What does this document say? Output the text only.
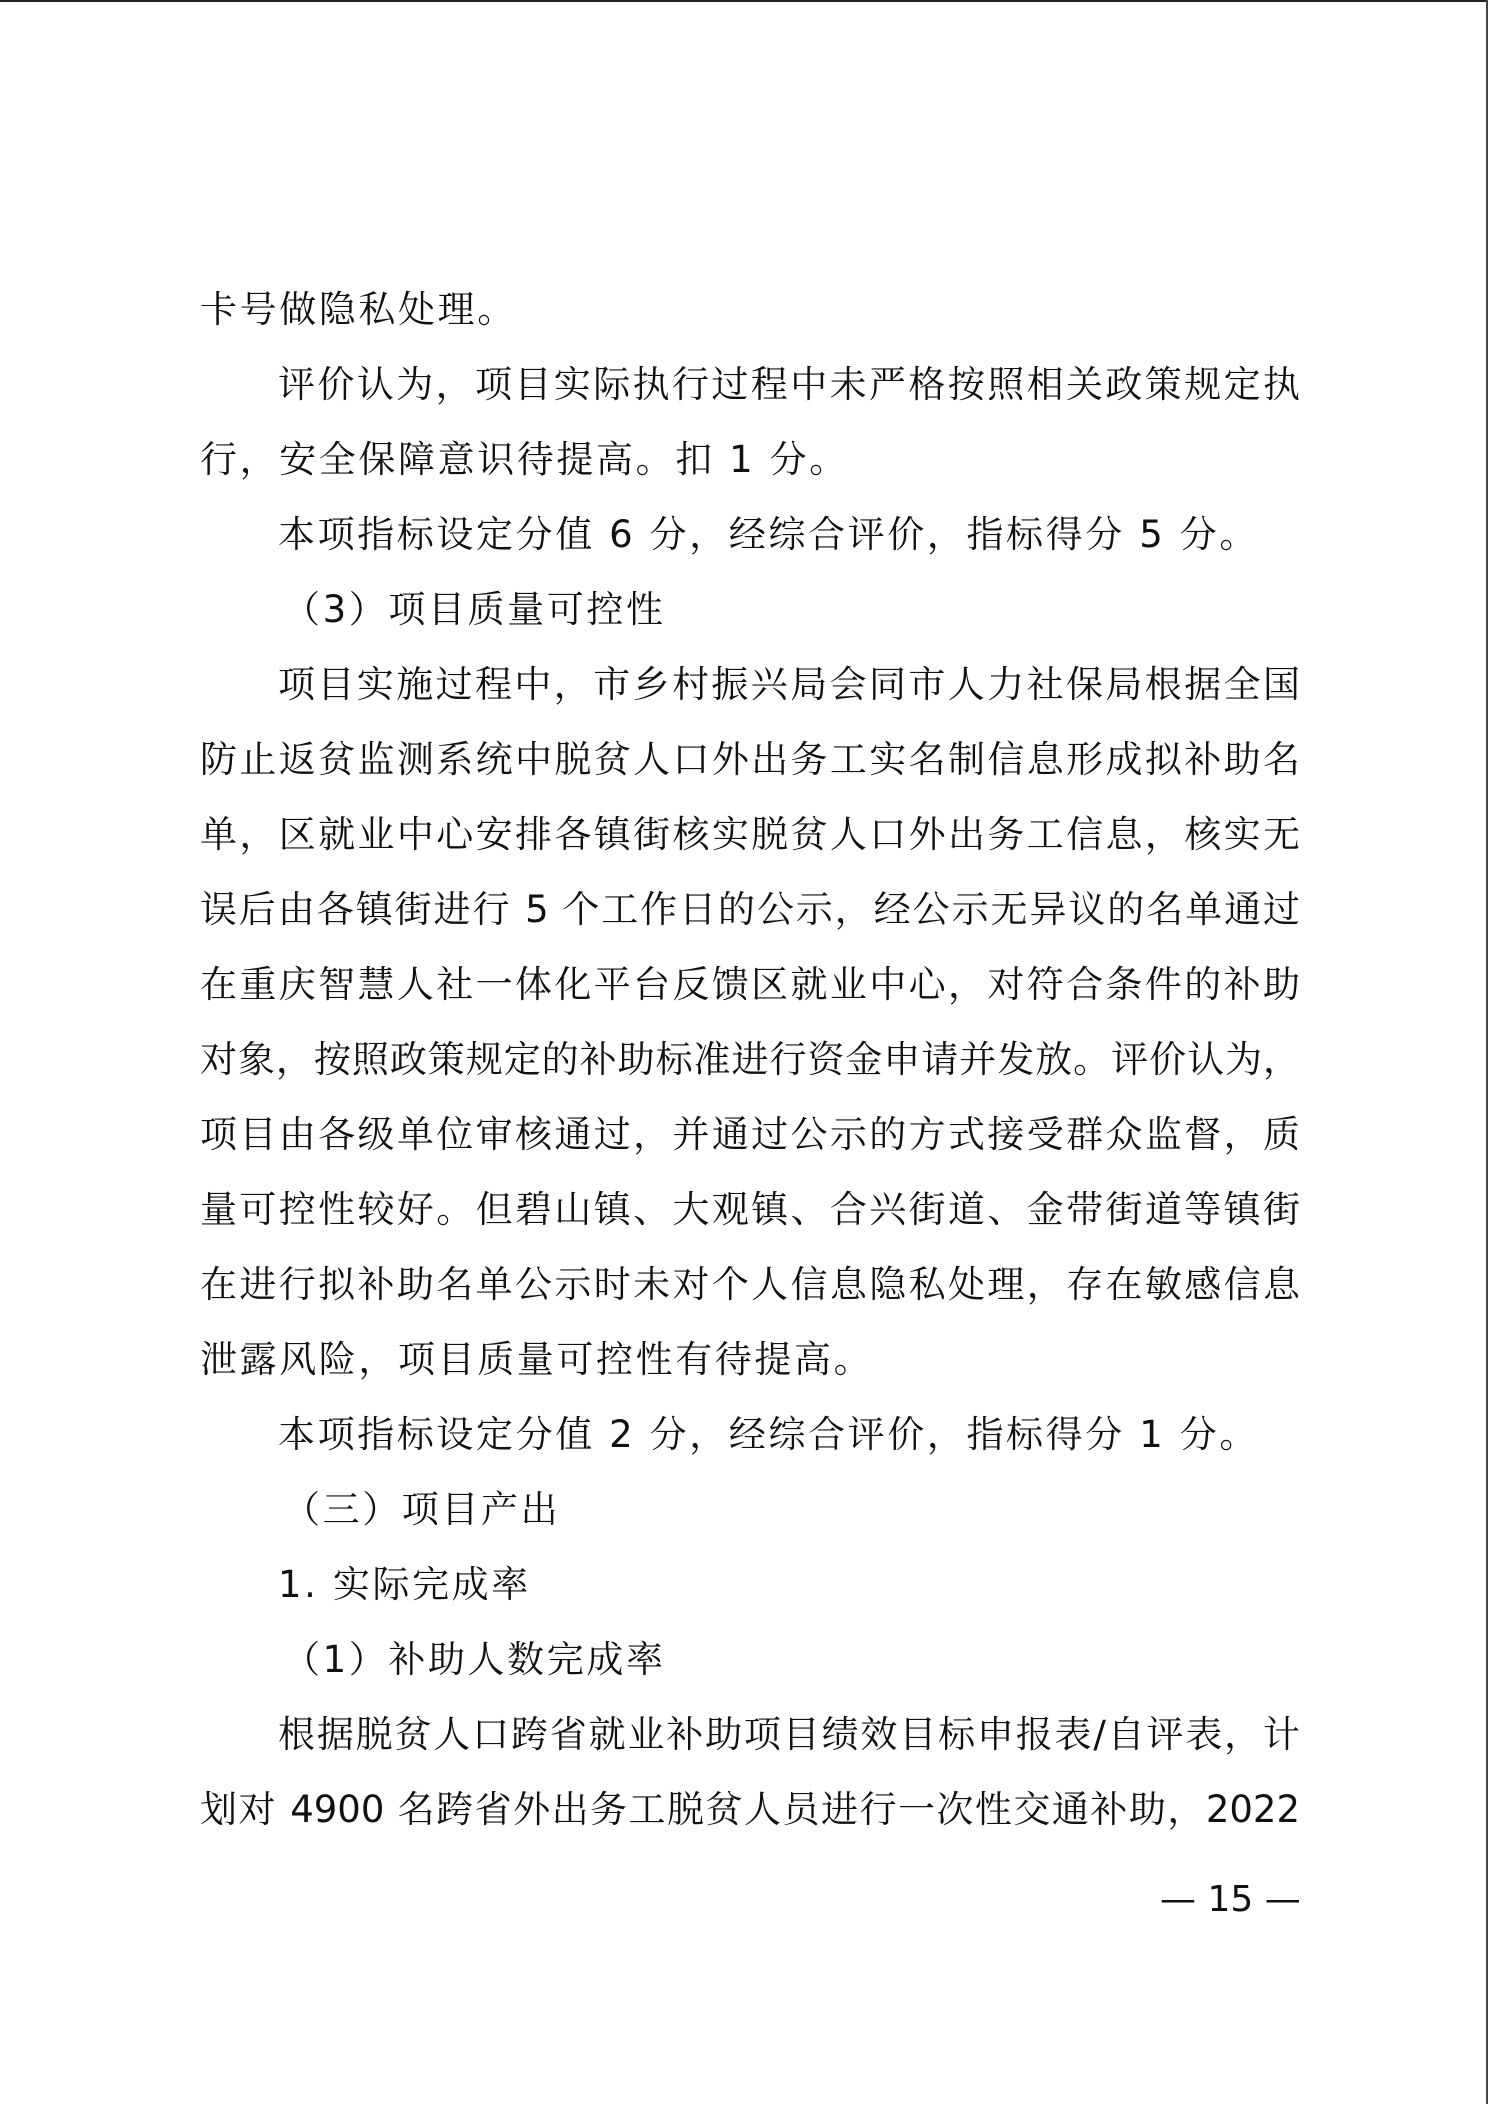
卡号做隐私处理。
评价认为，项目实际执行过程中未严格按照相关政策规定执
行，安全保障意识待提高。扣 1 分。
本项指标设定分值 6 分，经综合评价，指标得分 5 分。
（3）项目质量可控性
项目实施过程中，市乡村振兴局会同市人力社保局根据全国
防止返贫监测系统中脱贫人口外出务工实名制信息形成拟补助名
单，区就业中心安排各镇街核实脱贫人口外出务工信息，核实无
误后由各镇街进行 5 个工作日的公示，经公示无异议的名单通过
在重庆智慧人社一体化平台反馈区就业中心，对符合条件的补助
对象，按照政策规定的补助标准进行资金申请并发放。评价认为，
项目由各级单位审核通过，并通过公示的方式接受群众监督，质
量可控性较好。但碧山镇、大观镇、合兴街道、金带街道等镇街
在进行拟补助名单公示时未对个人信息隐私处理，存在敏感信息
泄露风险，项目质量可控性有待提高。
本项指标设定分值 2 分，经综合评价，指标得分 1 分。
（三）项目产出
1. 实际完成率
（1）补助人数完成率
根据脱贫人口跨省就业补助项目绩效目标申报表/自评表，计
划对 4900 名跨省外出务工脱贫人员进行一次性交通补助，2022
— 15 —
